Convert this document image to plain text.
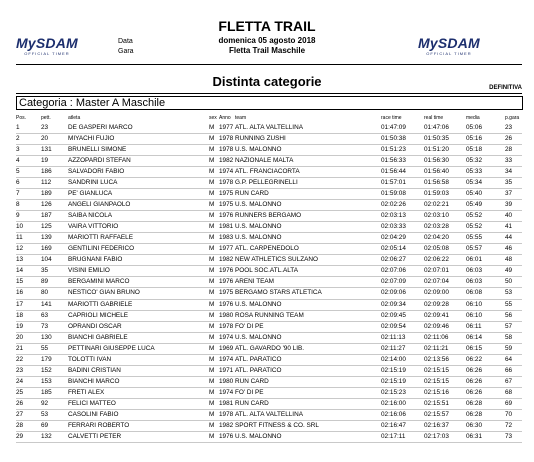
MySDAM
OFFICIAL TIMER
Data
Gara
FLETTA TRAIL
domenica 05 agosto 2018
Fletta Trail Maschile	MySDAM
OFFICIAL TIMER
Distinta categorie	DEFINITIVA
Categoria : Master A Maschile
Pos.	pett.	atleta	sex Anno team	race time	real time	media	p.gara
1	23	DE GASPERI MARCO	M 1977 ATL. ALTA VALTELLINA	01:47:09	01:47:06	05:06	23
2	20	MIYACHI FUJIO	M 1978 RUNNING ZUSHI	01:50:38	01:50:35	05:16	26
3	131	BRUNELLI SIMONE	M 1978 U.S. MALONNO	01:51:23	01:51:20	05:18	28
4	19	AZZOPARDI STEFAN	M 1982 NAZIONALE MALTA	01:56:33	01:56:30	05:32	33
5	186	SALVADORI FABIO	M 1974 ATL. FRANCIACORTA	01:56:44	01:56:40	05:33	34
6	112	SANDRINI LUCA	M 1978 G.P. PELLEGRINELLI	01:57:01	01:56:58	05:34	35
7	189	PE' GIANLUCA	M 1975 RUN CARD	01:59:08	01:59:03	05:40	37
8	126	ANGELI GIANPAOLO	M 1975 U.S. MALONNO	02:02:26	02:02:21	05:49	39
9	187	SAIBA NICOLA	M 1976 RUNNERS BERGAMO	02:03:13	02:03:10	05:52	40
10	125	VAIRA VITTORIO	M 1981 U.S. MALONNO	02:03:33	02:03:28	05:52	41
11	139	MARIOTTI RAFFAELE	M 1983 U.S. MALONNO	02:04:29	02:04:20	05:55	44
12	169	GENTILINI FEDERICO	M 1977 ATL. CARPENEDOLO	02:05:14	02:05:08	05:57	46
13	104	BRUGNANI FABIO	M 1982 NEW ATHLETICS SULZANO	02:06:27	02:06:22	06:01	48
14	35	VISINI EMILIO	M 1976 POOL SOC.ATL.ALTA	02:07:06	02:07:01	06:03	49
15	89	BERGAMINI MARCO	M 1976 ARENI TEAM	02:07:09	02:07:04	06:03	50
16	80	NESTICO' GIAN BRUNO	M 1975 BERGAMO STARS ATLETICA	02:09:06	02:09:00	06:08	53
17	141	MARIOTTI GABRIELE	M 1976 U.S. MALONNO	02:09:34	02:09:28	06:10	55
18	63	CAPRIOLI MICHELE	M 1980 ROSA RUNNING TEAM	02:09:45	02:09:41	06:10	56
19	73	OPRANDI OSCAR	M 1978 FO' DI PE	02:09:54	02:09:46	06:11	57
20	130	BIANCHI GABRIELE	M 1974 U.S. MALONNO	02:11:13	02:11:06	06:14	58
21	55	PETTINARI GIUSEPPE LUCA	M 1969 ATL. GAVARDO '90 LIB.	02:11:27	02:11:21	06:15	59
22	179	TOLOTTI IVAN	M 1974 ATL. PARATICO	02:14:00	02:13:56	06:22	64
23	152	BADINI CRISTIAN	M 1971 ATL. PARATICO	02:15:19	02:15:15	06:26	66
24	153	BIANCHI MARCO	M 1980 RUN CARD	02:15:19	02:15:15	06:26	67
25	185	FRETI ALEX	M 1974 FO' DI PE	02:15:23	02:15:16	06:26	68
26	92	FELICI MATTEO	M 1981 RUN CARD	02:16:00	02:15:51	06:28	69
27	53	CASOLINI FABIO	M 1978 ATL. ALTA VALTELLINA	02:16:06	02:15:57	06:28	70
28	69	FERRARI ROBERTO	M 1982 SPORT FITNESS & CO. SRL	02:16:47	02:16:37	06:30	72
29	132	CALVETTI PETER	M 1976 U.S. MALONNO	02:17:11	02:17:03	06:31	73
